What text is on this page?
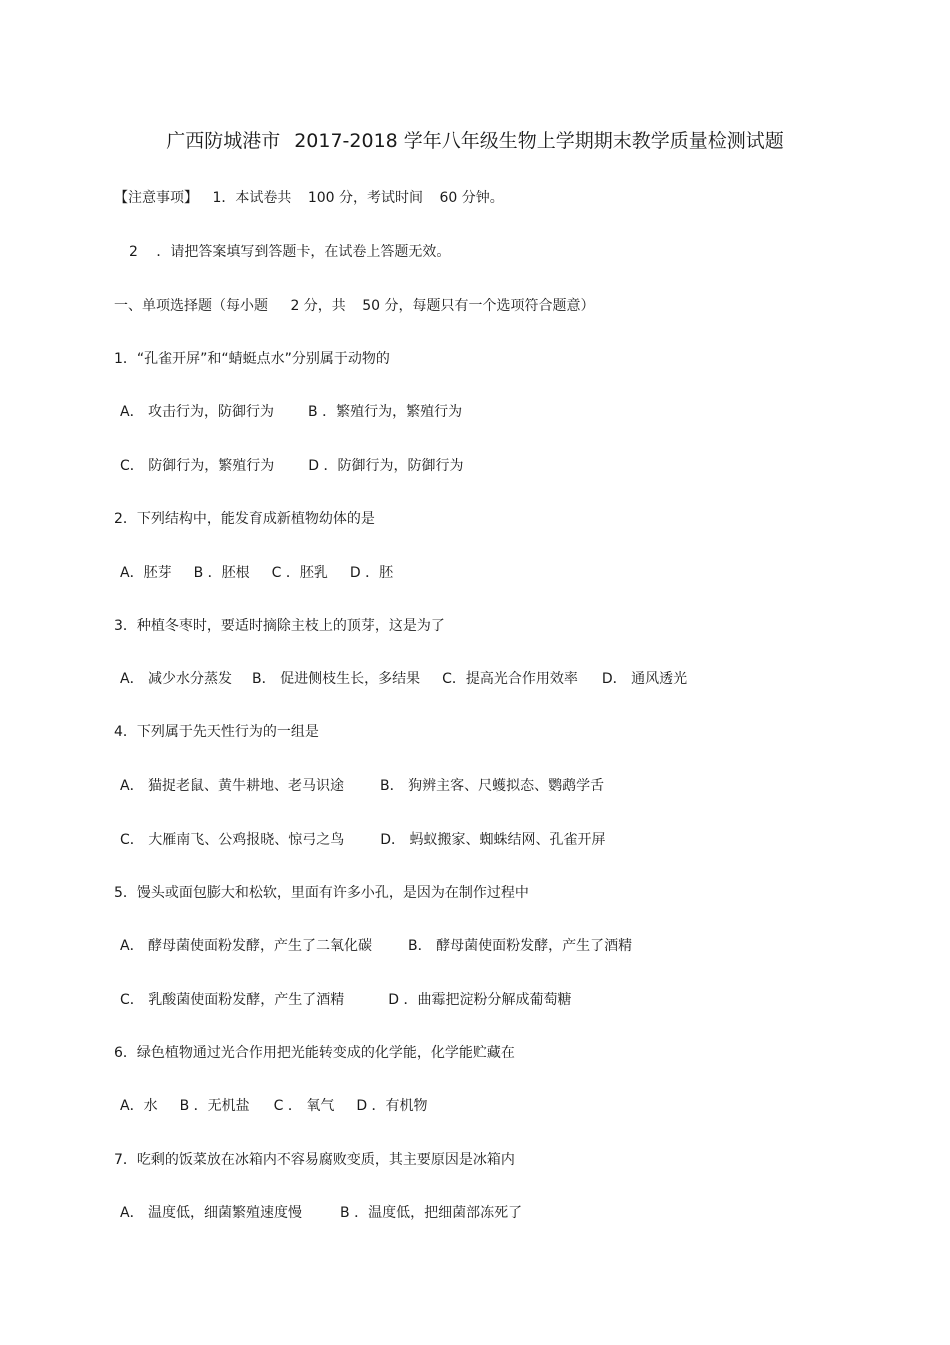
广西防城港市 2017-2018 学年八年级生物上学期期末教学质量检测试题
【注意事项】 1．本试卷共 100 分，考试时间 60 分钟。
2 ．请把答案填写到答题卡，在试卷上答题无效。
一、单项选择题（每小题 2 分，共 50 分，每题只有一个选项符合题意）
1．“孔雀开屏”和“蜻蜓点水”分别属于动物的
A． 攻击行为，防御行为 B ．繁殖行为，繁殖行为
C． 防御行为，繁殖行为 D ．防御行为，防御行为
2．下列结构中，能发育成新植物幼体的是
A．胚芽 B ．胚根 C ．胚乳 D ．胚
3．种植冬枣时，要适时摘除主枝上的顶芽，这是为了
A． 减少水分蒸发 B． 促进侧枝生长，多结果 C．提高光合作用效率 D． 通风透光
4．下列属于先天性行为的一组是
A． 猫捉老鼠、黄牛耕地、老马识途	B． 狗辨主客、尺蠖拟态、鹦鹉学舌
C． 大雁南飞、公鸡报晓、惊弓之鸟	D． 蚂蚁搬家、蜘蛛结网、孔雀开屏
5．馒头或面包膨大和松软，里面有许多小孔，是因为在制作过程中
A． 酵母菌使面粉发酵，产生了二氧化碳	B． 酵母菌使面粉发酵，产生了酒精
C． 乳酸菌使面粉发酵，产生了酒精	D ．曲霉把淀粉分解成葡萄糖
6．绿色植物通过光合作用把光能转变成的化学能，化学能贮藏在
A．水 B ．无机盐 C ． 氧气 D ．有机物
7．吃剩的饭菜放在冰箱内不容易腐败变质，其主要原因是冰箱内
A． 温度低，细菌繁殖速度慢	B ．温度低，把细菌部冻死了
